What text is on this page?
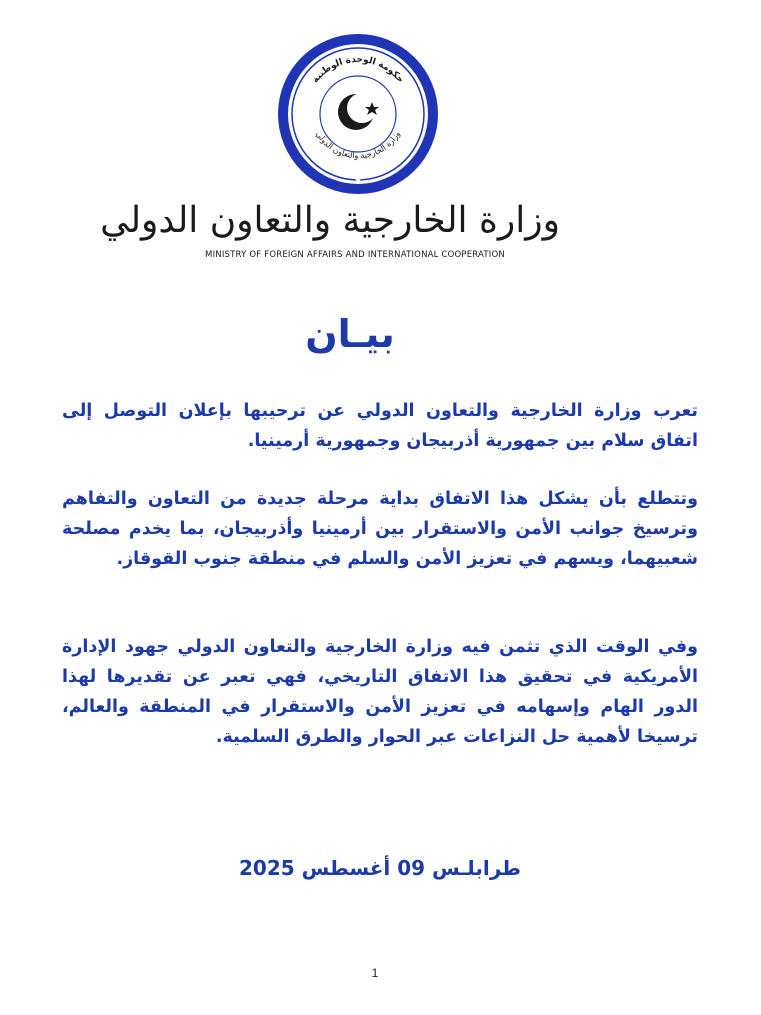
حكومة الوحدة الوطنية
وزارة الخارجية والتعاون الدولي
وزارة الخارجية والتعاون الدولي
MINISTRY OF FOREIGN AFFAIRS AND INTERNATIONAL COOPERATION
بيـان
تعرب وزارة الخارجية والتعاون الدولي عن ترحيبها بإعلان التوصل إلى اتفاق سلام بين جمهورية أذربيجان وجمهورية أرمينيا.
وتتطلع بأن يشكل هذا الاتفاق بداية مرحلة جديدة من التعاون والتفاهم وترسيخ جوانب الأمن والاستقرار بين أرمينيا وأذربيجان، بما يخدم مصلحة شعبيهما، ويسهم في تعزيز الأمن والسلم في منطقة جنوب القوقاز.
وفي الوقت الذي تثمن فيه وزارة الخارجية والتعاون الدولي جهود الإدارة الأمريكية في تحقيق هذا الاتفاق التاريخي، فهي تعبر عن تقديرها لهذا الدور الهام وإسهامه في تعزيز الأمن والاستقرار في المنطقة والعالم، ترسيخا لأهمية حل النزاعات عبر الحوار والطرق السلمية.
طرابلـس 09 أغسطس 2025
1
